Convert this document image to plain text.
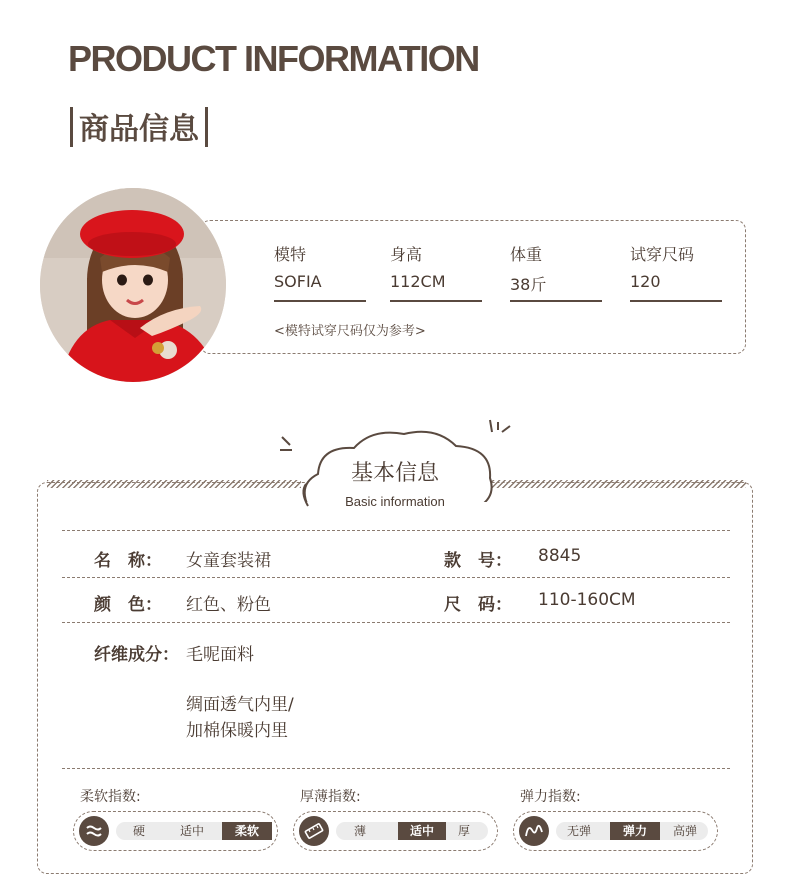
PRODUCT INFORMATION
商品信息
模特
SOFIA
身高
112CM
体重
38斤
试穿尺码
120
<模特试穿尺码仅为参考>
基本信息
Basic information
名　称： 女童套装裙	款　号： 8845
颜　色： 红色、粉色	尺　码： 110-160CM
纤维成分： 毛呢面料
绸面透气内里/
加棉保暖内里
柔软指数:
硬	适中	柔软
厚薄指数:
薄	适中	厚
弹力指数:
无弹	弹力	高弹
